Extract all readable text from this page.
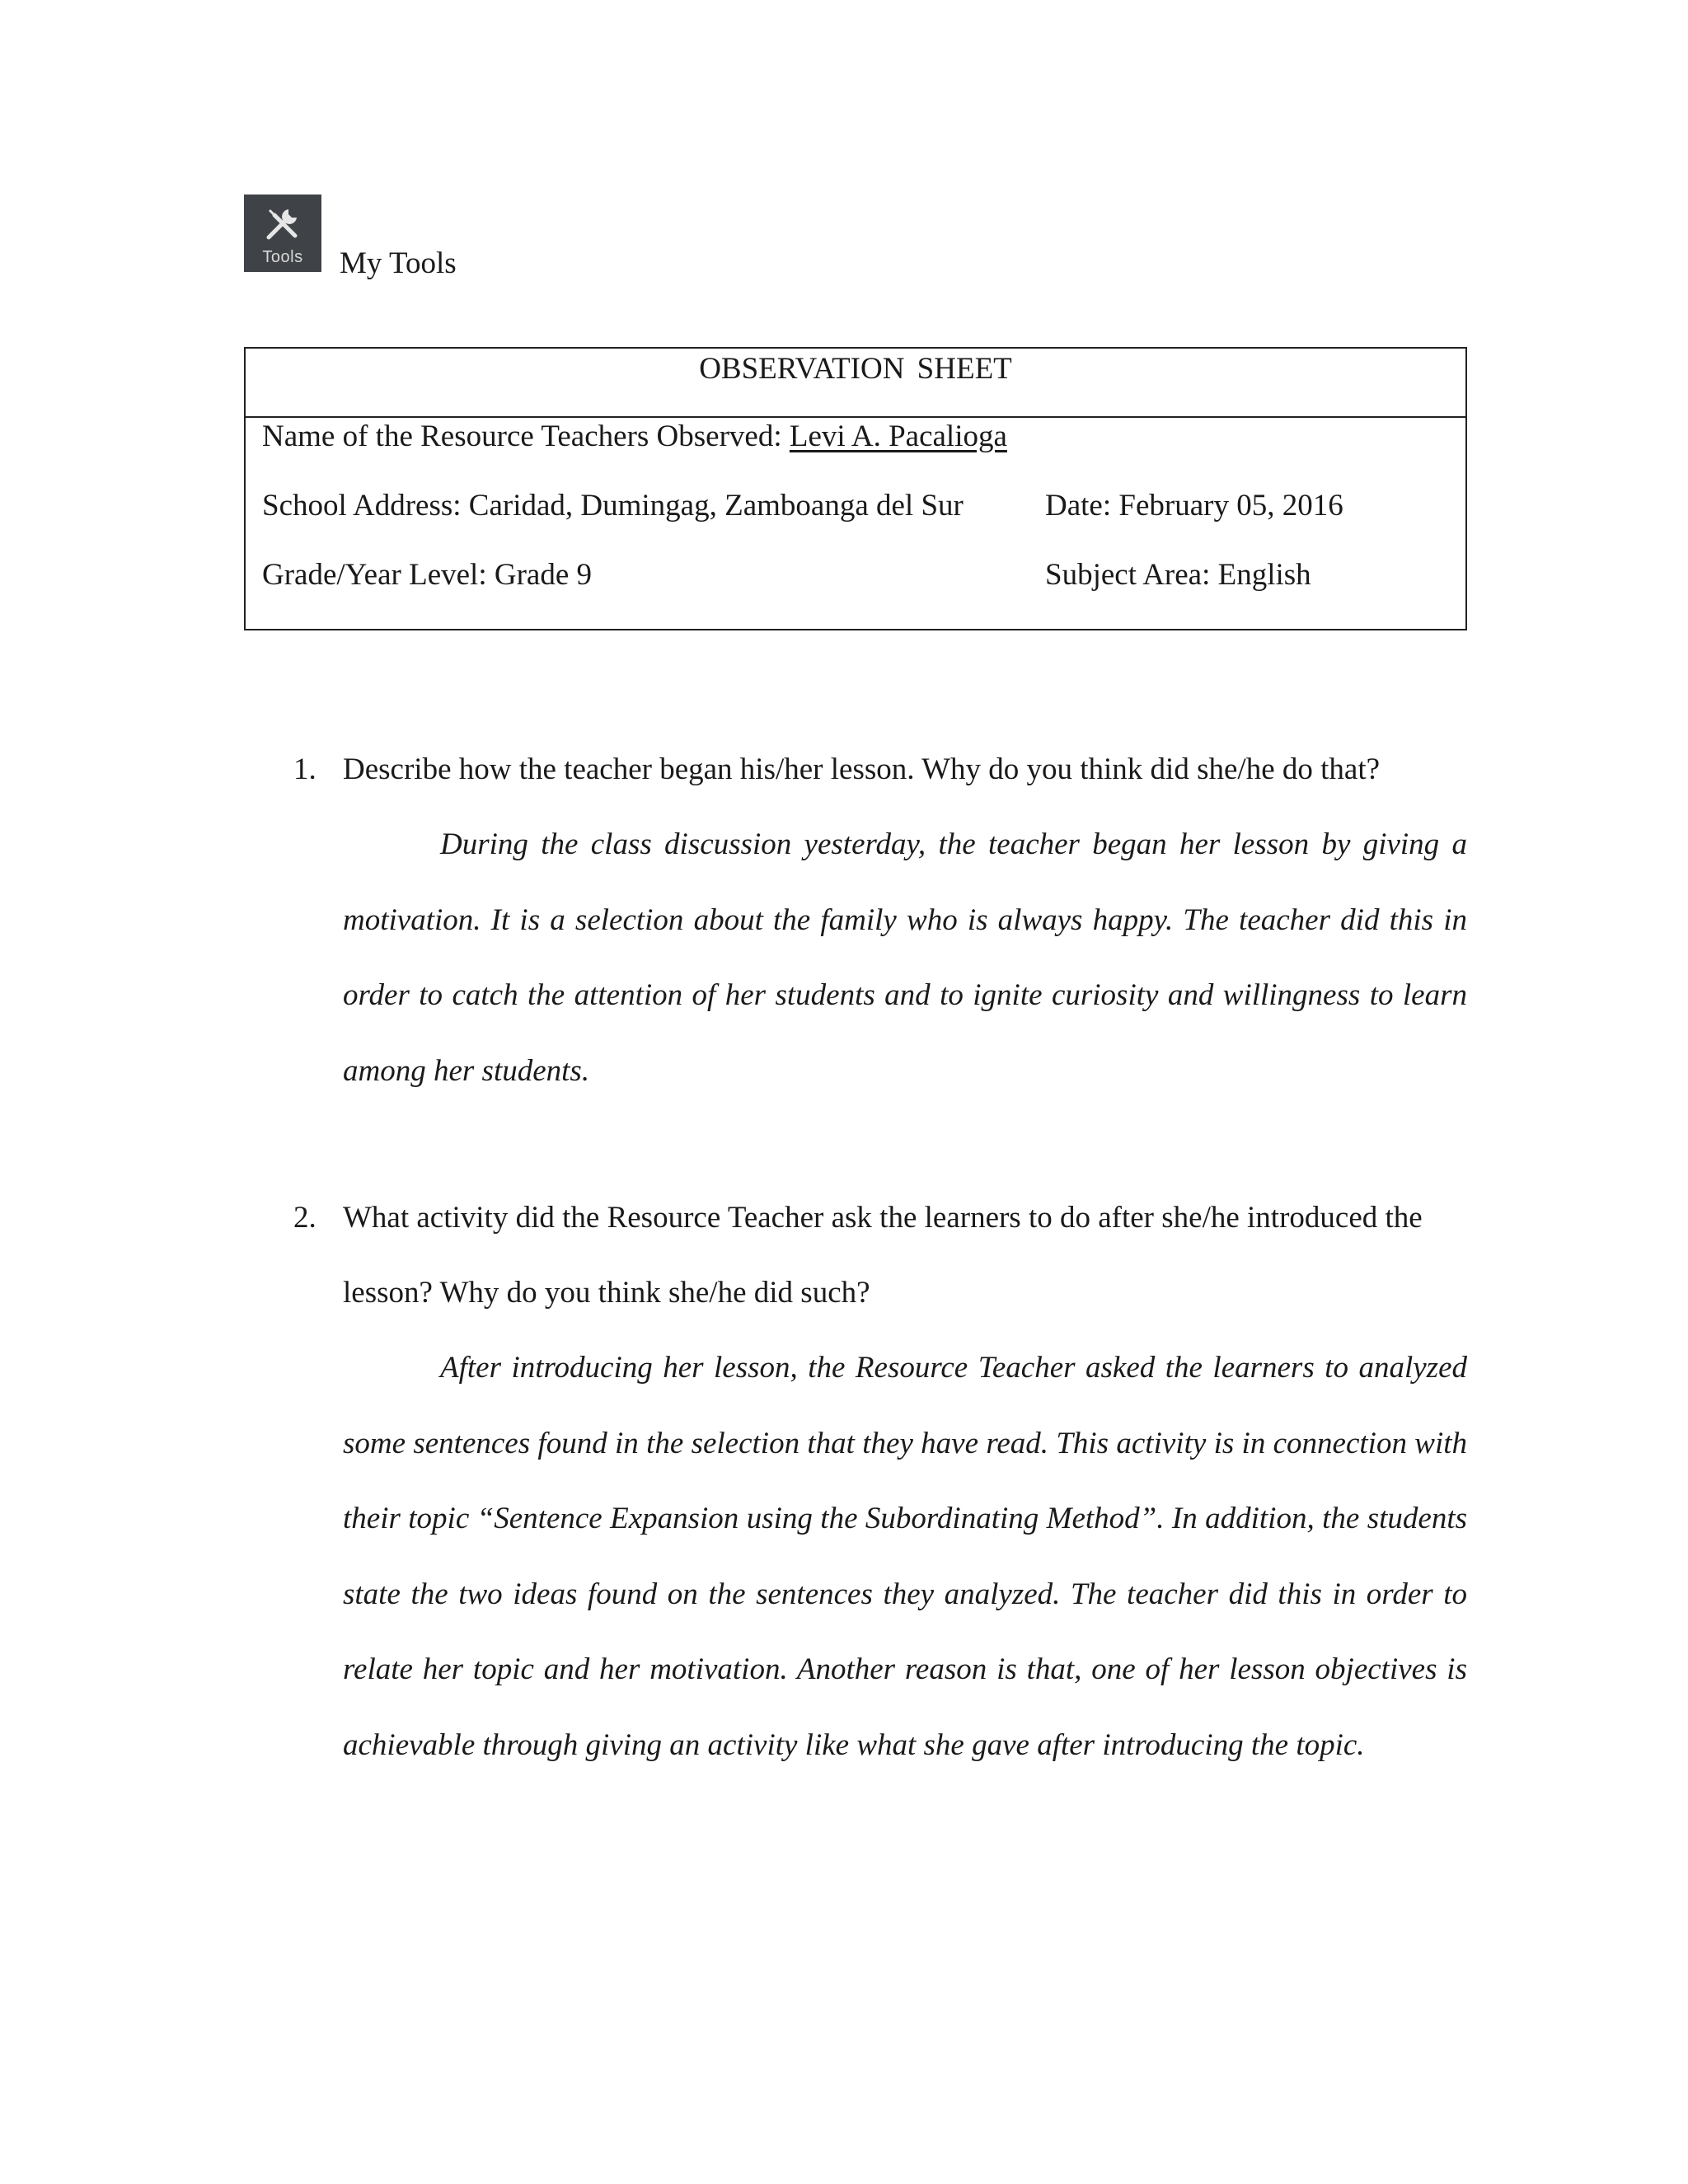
Tools	My Tools
OBSERVATION SHEET
Name of the Resource Teachers Observed: Levi A. Pacalioga
School Address: Caridad, Dumingag, Zamboanga del Sur	Date: February 05, 2016
Grade/Year Level: Grade 9	Subject Area: English
1. Describe how the teacher began his/her lesson. Why do you think did she/he do that?
During the class discussion yesterday, the teacher began her lesson by giving a motivation. It is a selection about the family who is always happy. The teacher did this in order to catch the attention of her students and to ignite curiosity and willingness to learn among her students.
2. What activity did the Resource Teacher ask the learners to do after she/he introduced the lesson? Why do you think she/he did such?
After introducing her lesson, the Resource Teacher asked the learners to analyzed some sentences found in the selection that they have read. This activity is in connection with their topic “Sentence Expansion using the Subordinating Method”. In addition, the students state the two ideas found on the sentences they analyzed. The teacher did this in order to relate her topic and her motivation. Another reason is that, one of her lesson objectives is achievable through giving an activity like what she gave after introducing the topic.
